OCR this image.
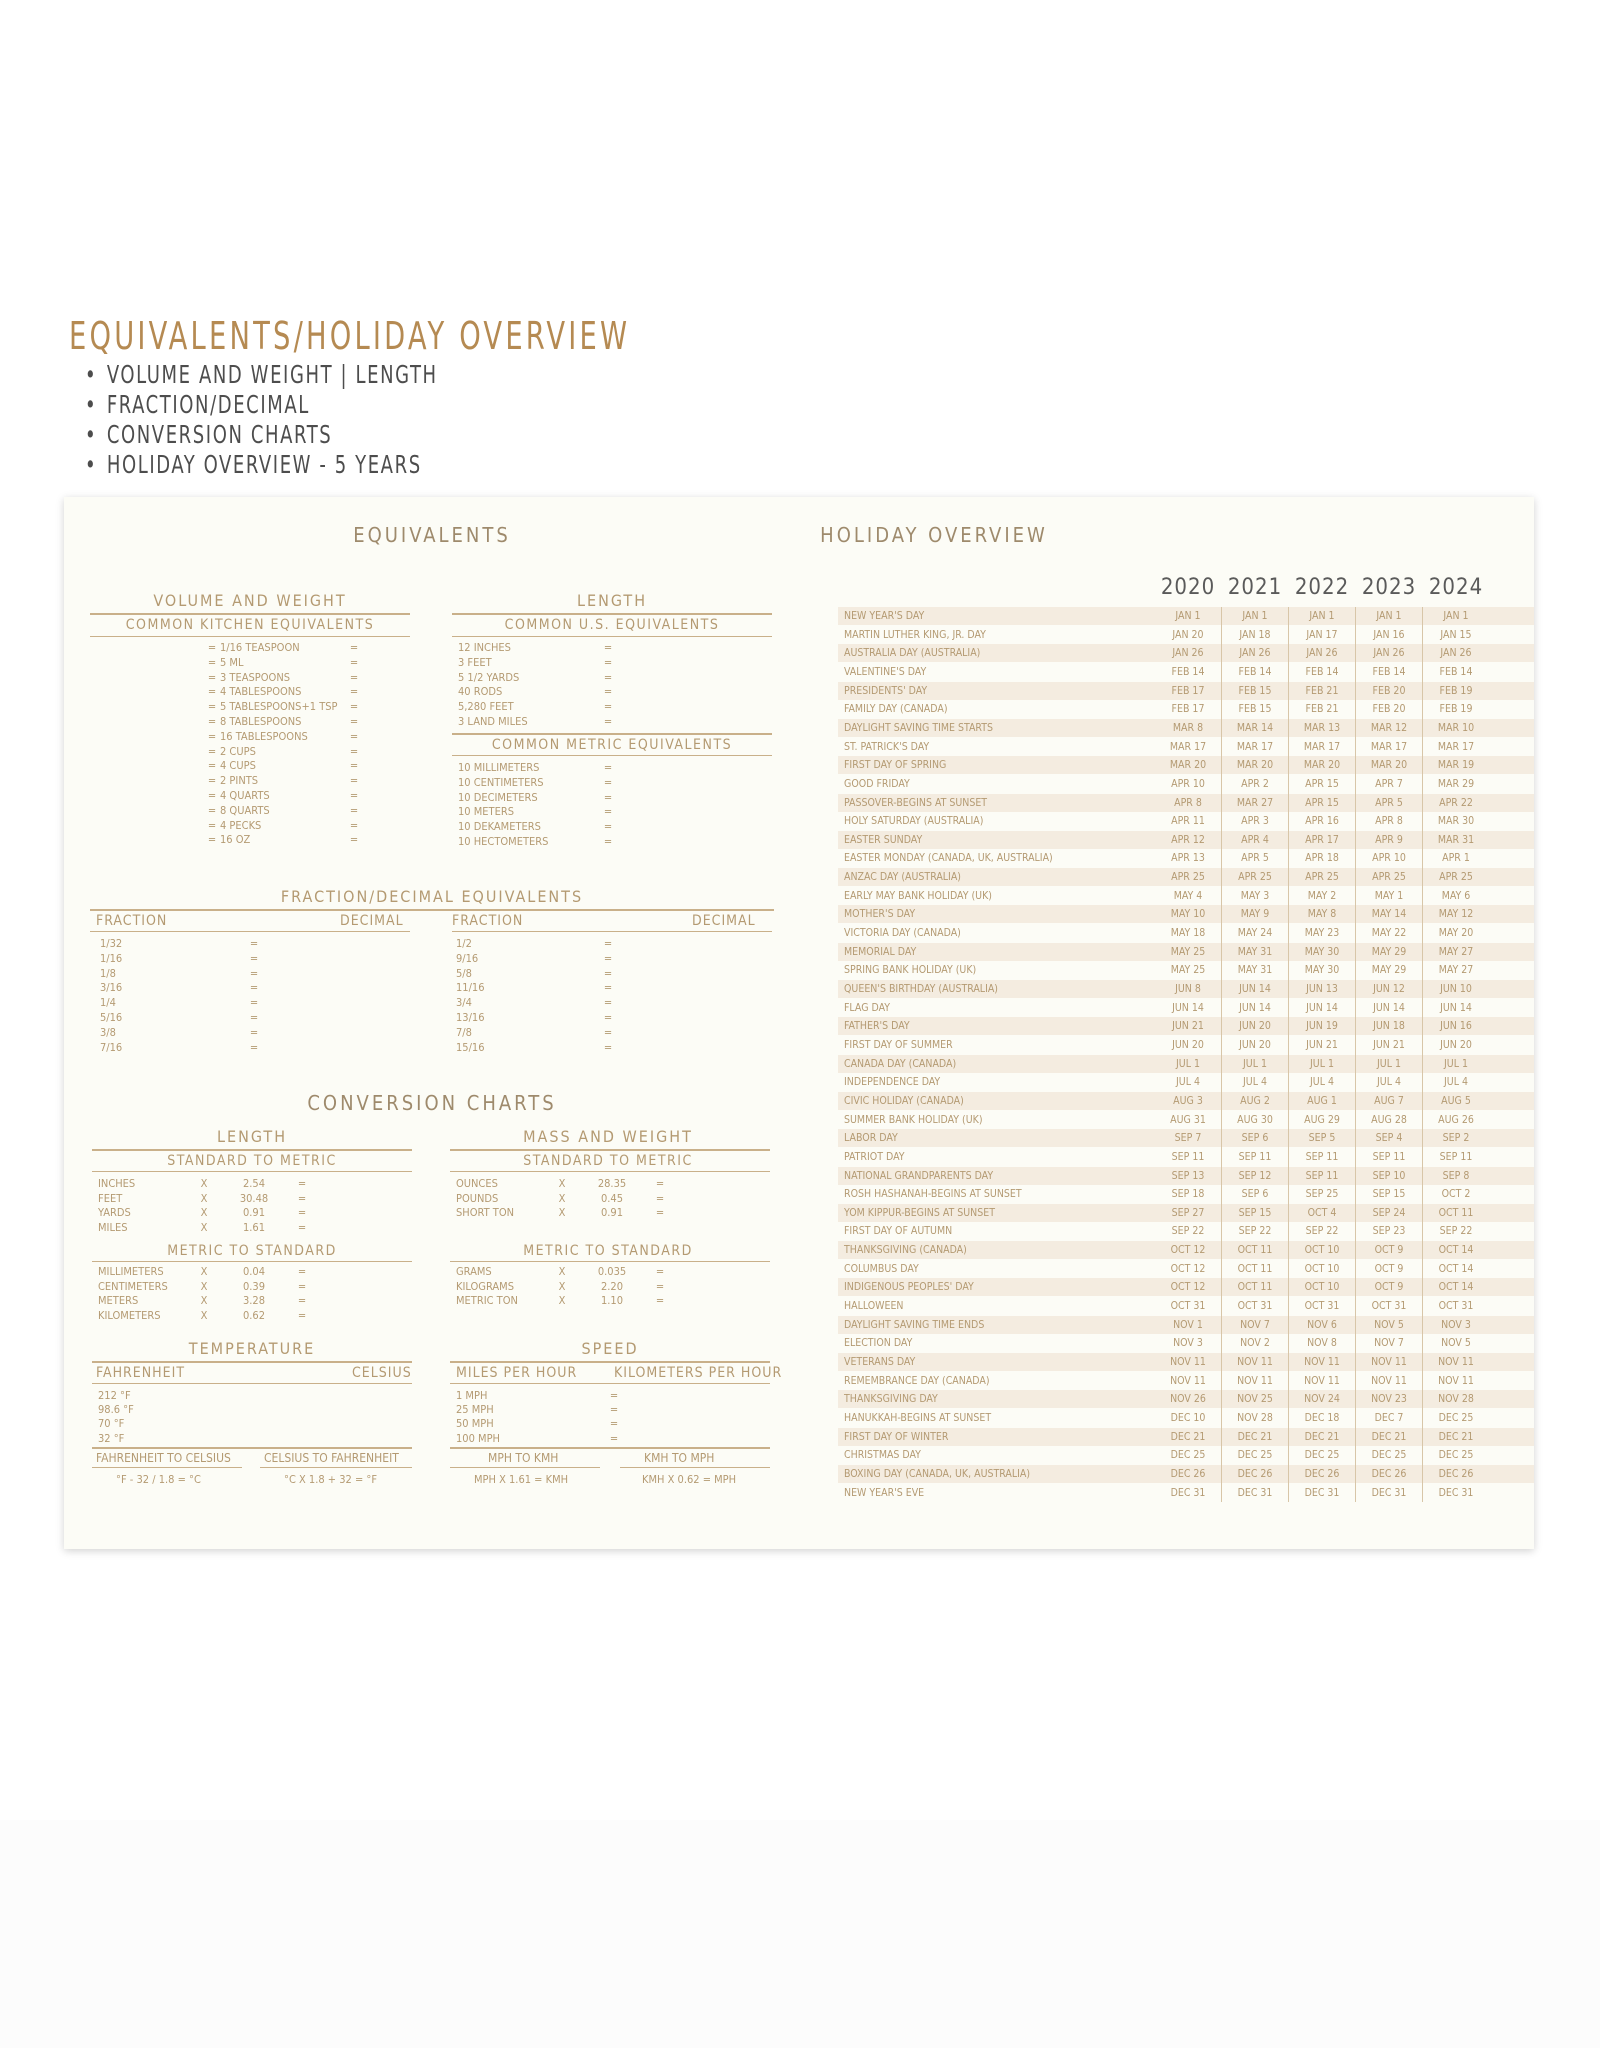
EQUIVALENTS/HOLIDAY OVERVIEW
• VOLUME AND WEIGHT | LENGTH
• FRACTION/DECIMAL
• CONVERSION CHARTS
• HOLIDAY OVERVIEW - 5 YEARS
EQUIVALENTS	HOLIDAY OVERVIEW
VOLUME AND WEIGHT
COMMON KITCHEN EQUIVALENTS
= 1/16 TEASPOON	=
= 5 ML	=
= 3 TEASPOONS	=
= 4 TABLESPOONS	=
= 5 TABLESPOONS+1 TSP =
= 8 TABLESPOONS	=
= 16 TABLESPOONS	=
= 2 CUPS	=
= 4 CUPS	=
= 2 PINTS	=
= 4 QUARTS	=
= 8 QUARTS	=
= 4 PECKS	=
= 16 OZ	=
LENGTH
COMMON U.S. EQUIVALENTS
12 INCHES	=
3 FEET	=
5 1/2 YARDS	=
40 RODS	=
5,280 FEET	=
3 LAND MILES	=
COMMON METRIC EQUIVALENTS
10 MILLIMETERS	=
10 CENTIMETERS	=
10 DECIMETERS	=
10 METERS	=
10 DEKAMETERS	=
10 HECTOMETERS	=
FRACTION/DECIMAL EQUIVALENTS
FRACTION	DECIMAL	FRACTION	DECIMAL
1/32	=	1/2	=
1/16	=	9/16	=
1/8	=	5/8	=
3/16	=	11/16	=
1/4	=	3/4	=
5/16	=	13/16	=
3/8	=	7/8	=
7/16	=	15/16	=
CONVERSION CHARTS
LENGTH
STANDARD TO METRIC
METRIC TO STANDARD
MASS AND WEIGHT
STANDARD TO METRIC
METRIC TO STANDARD
INCHES	X	2.54	=
FEET	X	30.48	=
YARDS	X	0.91	=
MILES	X	1.61	=
MILLIMETERS	X	0.04	=
CENTIMETERS	X	0.39	=
METERS	X	3.28	=
KILOMETERS	X	0.62	=
OUNCES	X	28.35	=
POUNDS	X	0.45	=
SHORT TON	X	0.91	=
GRAMS	X	0.035	=
KILOGRAMS	X	2.20	=
METRIC TON	X	1.10	=
212 °F
98.6 °F
70 °F
32 °F
1 MPH	=
25 MPH	=
50 MPH	=
100 MPH	=
TEMPERATURE
FAHRENHEIT	CELSIUS
FAHRENHEIT TO CELSIUS	CELSIUS TO FAHRENHEIT
°F - 32 / 1.8 = °C	°C X 1.8 + 32 = °F
SPEED
MILES PER HOUR	KILOMETERS PER HOUR
MPH TO KMH	KMH TO MPH
MPH X 1.61 = KMH	KMH X 0.62 = MPH
2020 2021 2022 2023 2024
NEW YEAR'S DAY	JAN 1	JAN 1	JAN 1	JAN 1	JAN 1
MARTIN LUTHER KING, JR. DAY	JAN 20	JAN 18	JAN 17	JAN 16	JAN 15
AUSTRALIA DAY (AUSTRALIA)	JAN 26	JAN 26	JAN 26	JAN 26	JAN 26
VALENTINE'S DAY	FEB 14	FEB 14	FEB 14	FEB 14	FEB 14
PRESIDENTS' DAY	FEB 17	FEB 15	FEB 21	FEB 20	FEB 19
FAMILY DAY (CANADA)	FEB 17	FEB 15	FEB 21	FEB 20	FEB 19
DAYLIGHT SAVING TIME STARTS	MAR 8	MAR 14	MAR 13	MAR 12	MAR 10
ST. PATRICK'S DAY	MAR 17	MAR 17	MAR 17	MAR 17	MAR 17
FIRST DAY OF SPRING	MAR 20	MAR 20	MAR 20	MAR 20	MAR 19
GOOD FRIDAY	APR 10	APR 2	APR 15	APR 7	MAR 29
PASSOVER-BEGINS AT SUNSET	APR 8	MAR 27	APR 15	APR 5	APR 22
HOLY SATURDAY (AUSTRALIA)	APR 11	APR 3	APR 16	APR 8	MAR 30
EASTER SUNDAY	APR 12	APR 4	APR 17	APR 9	MAR 31
EASTER MONDAY (CANADA, UK, AUSTRALIA)	APR 13	APR 5	APR 18	APR 10	APR 1
ANZAC DAY (AUSTRALIA)	APR 25	APR 25	APR 25	APR 25	APR 25
EARLY MAY BANK HOLIDAY (UK)	MAY 4	MAY 3	MAY 2	MAY 1	MAY 6
MOTHER'S DAY	MAY 10	MAY 9	MAY 8	MAY 14	MAY 12
VICTORIA DAY (CANADA)	MAY 18	MAY 24	MAY 23	MAY 22	MAY 20
MEMORIAL DAY	MAY 25	MAY 31	MAY 30	MAY 29	MAY 27
SPRING BANK HOLIDAY (UK)	MAY 25	MAY 31	MAY 30	MAY 29	MAY 27
QUEEN'S BIRTHDAY (AUSTRALIA)	JUN 8	JUN 14	JUN 13	JUN 12	JUN 10
FLAG DAY	JUN 14	JUN 14	JUN 14	JUN 14	JUN 14
FATHER'S DAY	JUN 21	JUN 20	JUN 19	JUN 18	JUN 16
FIRST DAY OF SUMMER	JUN 20	JUN 20	JUN 21	JUN 21	JUN 20
CANADA DAY (CANADA)	JUL 1	JUL 1	JUL 1	JUL 1	JUL 1
INDEPENDENCE DAY	JUL 4	JUL 4	JUL 4	JUL 4	JUL 4
CIVIC HOLIDAY (CANADA)	AUG 3	AUG 2	AUG 1	AUG 7	AUG 5
SUMMER BANK HOLIDAY (UK)	AUG 31	AUG 30	AUG 29	AUG 28	AUG 26
LABOR DAY	SEP 7	SEP 6	SEP 5	SEP 4	SEP 2
PATRIOT DAY	SEP 11	SEP 11	SEP 11	SEP 11	SEP 11
NATIONAL GRANDPARENTS DAY	SEP 13	SEP 12	SEP 11	SEP 10	SEP 8
ROSH HASHANAH-BEGINS AT SUNSET	SEP 18	SEP 6	SEP 25	SEP 15	OCT 2
YOM KIPPUR-BEGINS AT SUNSET	SEP 27	SEP 15	OCT 4	SEP 24	OCT 11
FIRST DAY OF AUTUMN	SEP 22	SEP 22	SEP 22	SEP 23	SEP 22
THANKSGIVING (CANADA)	OCT 12	OCT 11	OCT 10	OCT 9	OCT 14
COLUMBUS DAY	OCT 12	OCT 11	OCT 10	OCT 9	OCT 14
INDIGENOUS PEOPLES' DAY	OCT 12	OCT 11	OCT 10	OCT 9	OCT 14
HALLOWEEN	OCT 31	OCT 31	OCT 31	OCT 31	OCT 31
DAYLIGHT SAVING TIME ENDS	NOV 1	NOV 7	NOV 6	NOV 5	NOV 3
ELECTION DAY	NOV 3	NOV 2	NOV 8	NOV 7	NOV 5
VETERANS DAY	NOV 11	NOV 11	NOV 11	NOV 11	NOV 11
REMEMBRANCE DAY (CANADA)	NOV 11	NOV 11	NOV 11	NOV 11	NOV 11
THANKSGIVING DAY	NOV 26	NOV 25	NOV 24	NOV 23	NOV 28
HANUKKAH-BEGINS AT SUNSET	DEC 10	NOV 28	DEC 18	DEC 7	DEC 25
FIRST DAY OF WINTER	DEC 21	DEC 21	DEC 21	DEC 21	DEC 21
CHRISTMAS DAY	DEC 25	DEC 25	DEC 25	DEC 25	DEC 25
BOXING DAY (CANADA, UK, AUSTRALIA)	DEC 26	DEC 26	DEC 26	DEC 26	DEC 26
NEW YEAR'S EVE	DEC 31	DEC 31	DEC 31	DEC 31	DEC 31
